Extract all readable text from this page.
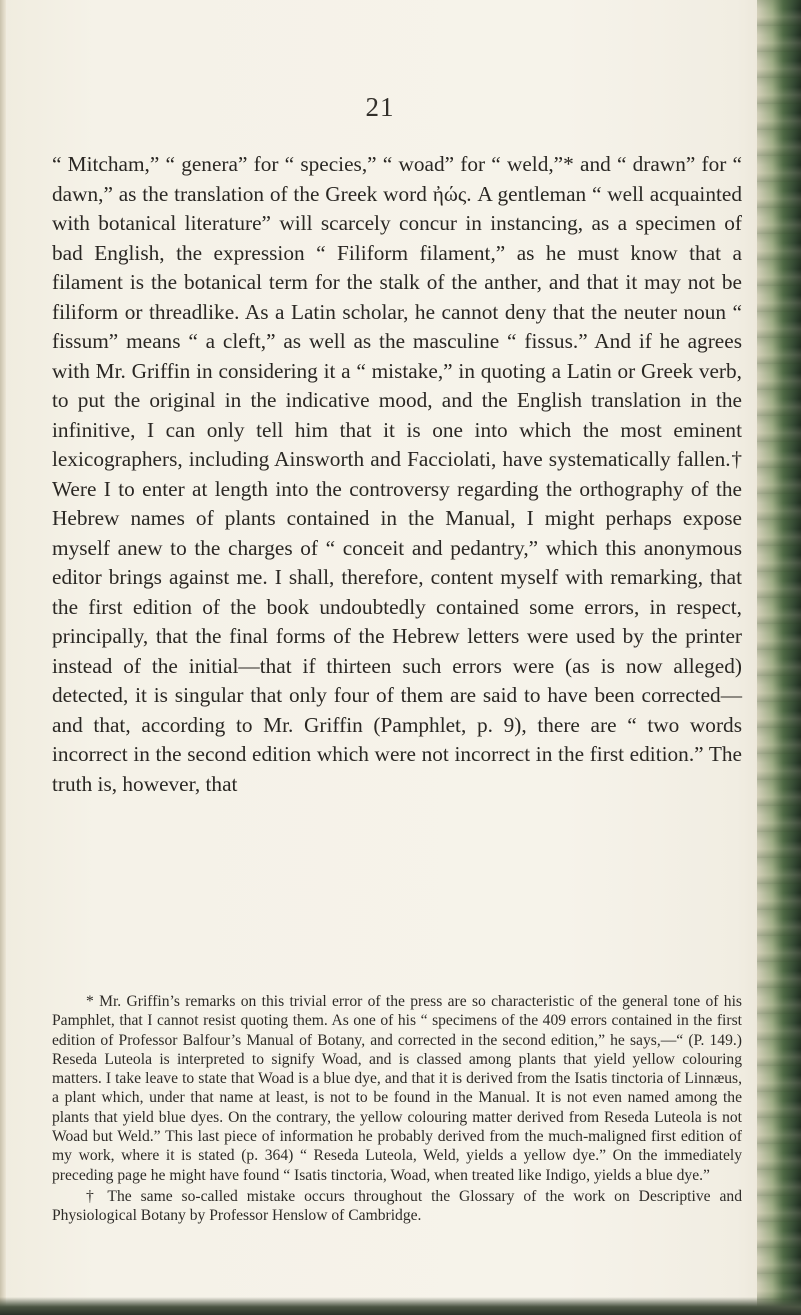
21

“ Mitcham,” “ genera” for “ species,” “ woad” for “ weld,”* and “ drawn” for “ dawn,” as the translation of the Greek word ἠώς. A gentleman “ well acquainted with botanical literature” will scarcely concur in instancing, as a specimen of bad English, the expression “ Filiform filament,” as he must know that a filament is the botanical term for the stalk of the anther, and that it may not be filiform or threadlike. As a Latin scholar, he cannot deny that the neuter noun “ fissum” means “ a cleft,” as well as the masculine “ fissus.” And if he agrees with Mr. Griffin in considering it a “ mistake,” in quoting a Latin or Greek verb, to put the original in the indicative mood, and the English translation in the infinitive, I can only tell him that it is one into which the most eminent lexicographers, including Ainsworth and Facciolati, have systematically fallen.† Were I to enter at length into the controversy regarding the orthography of the Hebrew names of plants contained in the Manual, I might perhaps expose myself anew to the charges of “ conceit and pedantry,” which this anonymous editor brings against me. I shall, therefore, content myself with remarking, that the first edition of the book undoubtedly contained some errors, in respect, principally, that the final forms of the Hebrew letters were used by the printer instead of the initial—that if thirteen such errors were (as is now alleged) detected, it is singular that only four of them are said to have been corrected—and that, according to Mr. Griffin (Pamphlet, p. 9), there are “ two words incorrect in the second edition which were not incorrect in the first edition.” The truth is, however, that

* Mr. Griffin’s remarks on this trivial error of the press are so characteristic of the general tone of his Pamphlet, that I cannot resist quoting them. As one of his “ specimens of the 409 errors contained in the first edition of Professor Balfour’s Manual of Botany, and corrected in the second edition,” he says,—“ (P. 149.) Reseda Luteola is interpreted to signify Woad, and is classed among plants that yield yellow colouring matters. I take leave to state that Woad is a blue dye, and that it is derived from the Isatis tinctoria of Linnæus, a plant which, under that name at least, is not to be found in the Manual. It is not even named among the plants that yield blue dyes. On the contrary, the yellow colouring matter derived from Reseda Luteola is not Woad but Weld.” This last piece of information he probably derived from the much-maligned first edition of my work, where it is stated (p. 364) “ Reseda Luteola, Weld, yields a yellow dye.” On the immediately preceding page he might have found “ Isatis tinctoria, Woad, when treated like Indigo, yields a blue dye.”

† The same so-called mistake occurs throughout the Glossary of the work on Descriptive and Physiological Botany by Professor Henslow of Cambridge.
